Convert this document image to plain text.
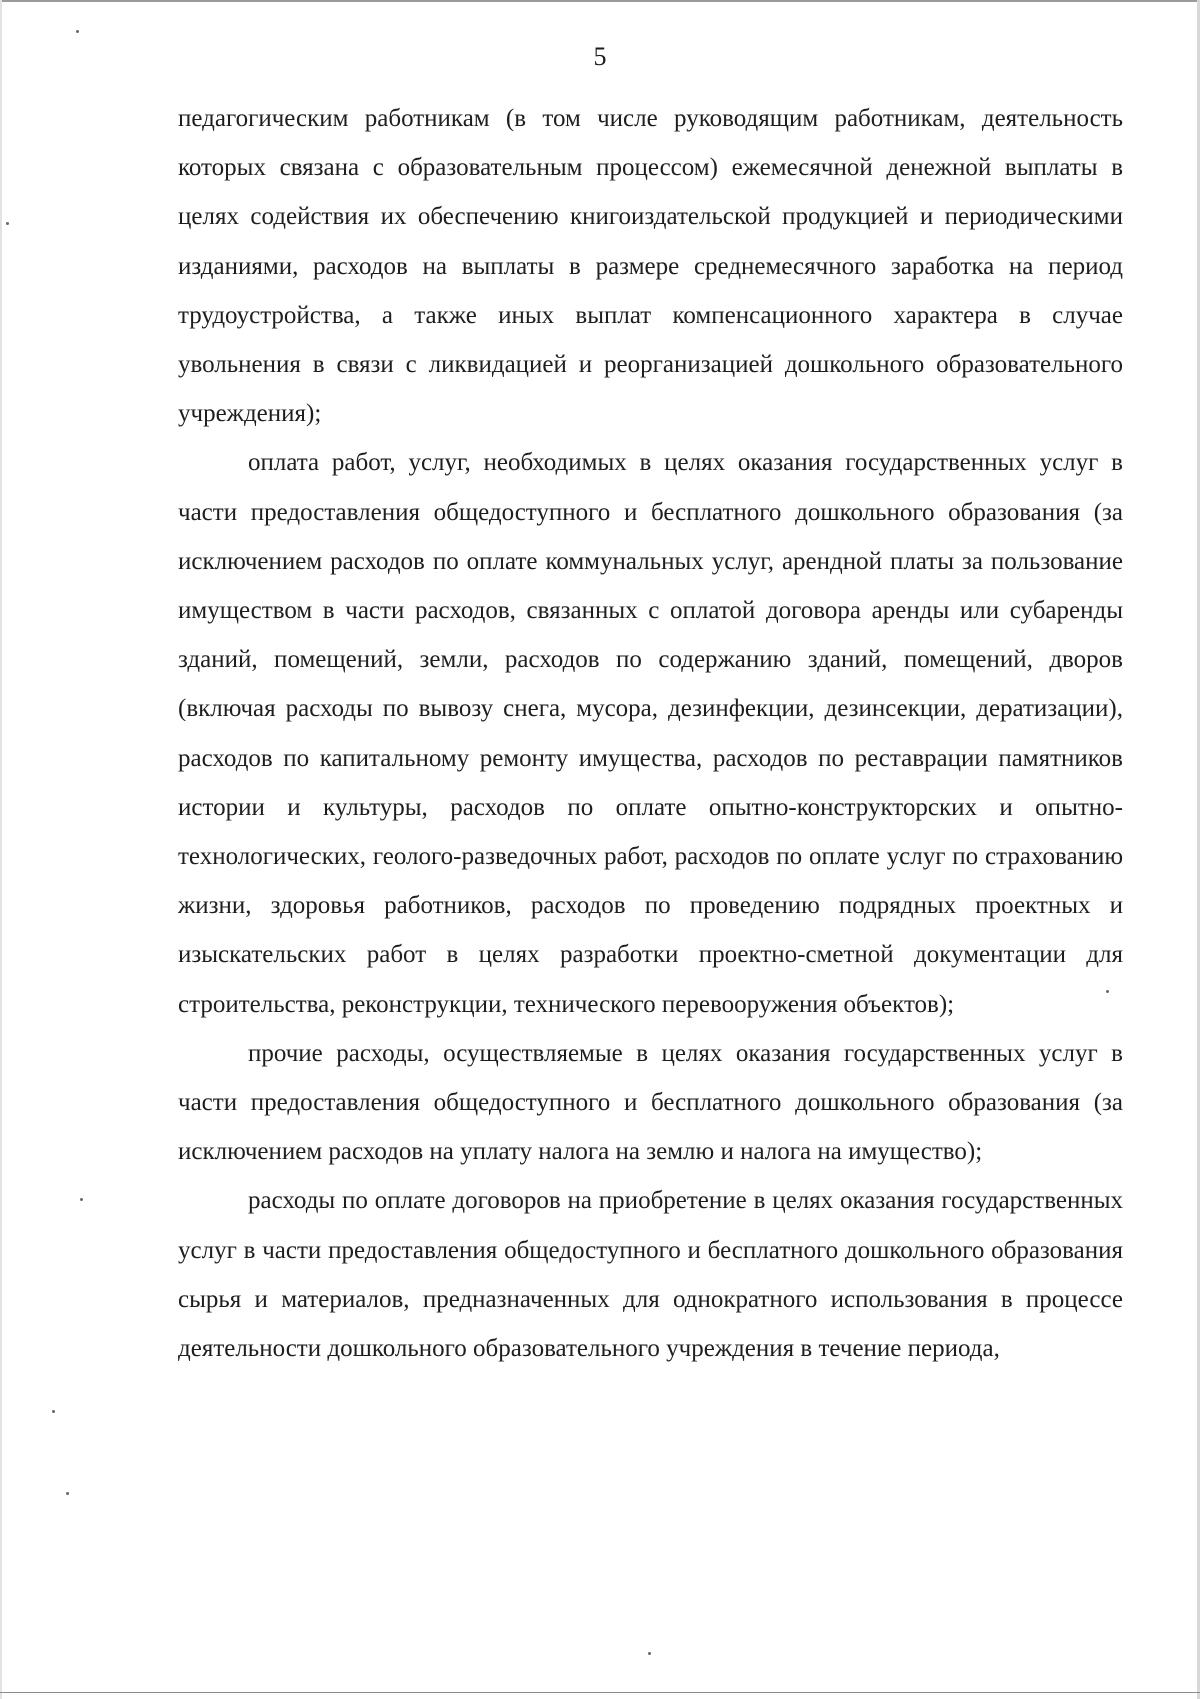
5

педагогическим работникам (в том числе руководящим работникам, деятельность которых связана с образовательным процессом) ежемесячной денежной выплаты в целях содействия их обеспечению книгоиздательской продукцией и периодическими изданиями, расходов на выплаты в размере среднемесячного заработка на период трудоустройства, а также иных выплат компенсационного характера в случае увольнения в связи с ликвидацией и реорганизацией дошкольного образовательного учреждения);

оплата работ, услуг, необходимых в целях оказания государственных услуг в части предоставления общедоступного и бесплатного дошкольного образования (за исключением расходов по оплате коммунальных услуг, арендной платы за пользование имуществом в части расходов, связанных с оплатой договора аренды или субаренды зданий, помещений, земли, расходов по содержанию зданий, помещений, дворов (включая расходы по вывозу снега, мусора, дезинфекции, дезинсекции, дератизации), расходов по капитальному ремонту имущества, расходов по реставрации памятников истории и культуры, расходов по оплате опытно-конструкторских и опытно-технологических, геолого-разведочных работ, расходов по оплате услуг по страхованию жизни, здоровья работников, расходов по проведению подрядных проектных и изыскательских работ в целях разработки проектно-сметной документации для строительства, реконструкции, технического перевооружения объектов);

прочие расходы, осуществляемые в целях оказания государственных услуг в части предоставления общедоступного и бесплатного дошкольного образования (за исключением расходов на уплату налога на землю и налога на имущество);

расходы по оплате договоров на приобретение в целях оказания государственных услуг в части предоставления общедоступного и бесплатного дошкольного образования сырья и материалов, предназначенных для однократного использования в процессе деятельности дошкольного образовательного учреждения в течение периода,
